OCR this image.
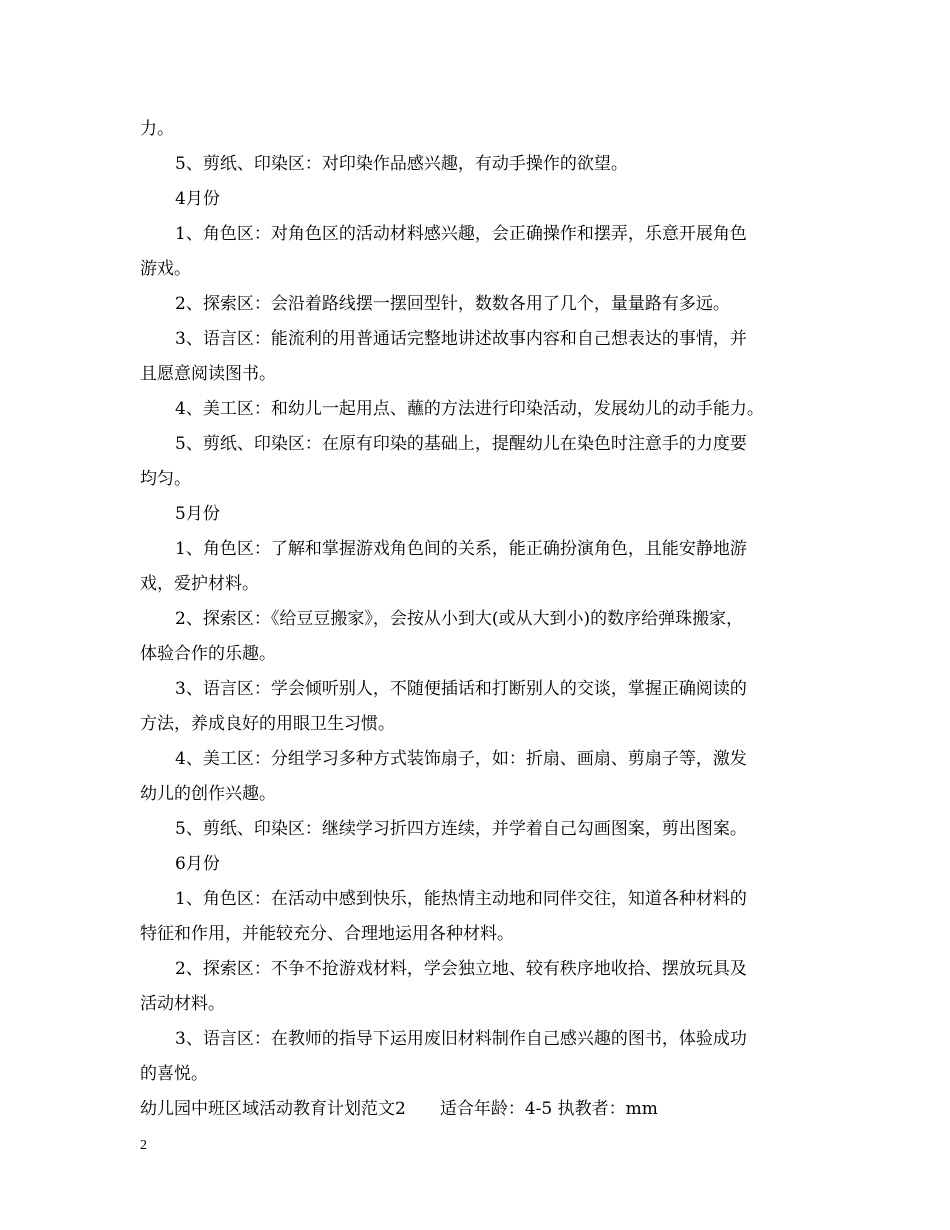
力。
5、剪纸、印染区：对印染作品感兴趣，有动手操作的欲望。
4月份
1、角色区：对角色区的活动材料感兴趣，会正确操作和摆弄，乐意开展角色
游戏。
2、探索区：会沿着路线摆一摆回型针，数数各用了几个，量量路有多远。
3、语言区：能流利的用普通话完整地讲述故事内容和自己想表达的事情，并
且愿意阅读图书。
4、美工区：和幼儿一起用点、蘸的方法进行印染活动，发展幼儿的动手能力。
5、剪纸、印染区：在原有印染的基础上，提醒幼儿在染色时注意手的力度要
均匀。
5月份
1、角色区：了解和掌握游戏角色间的关系，能正确扮演角色，且能安静地游
戏，爱护材料。
2、探索区：《给豆豆搬家》，会按从小到大(或从大到小)的数序给弹珠搬家，
体验合作的乐趣。
3、语言区：学会倾听别人，不随便插话和打断别人的交谈，掌握正确阅读的
方法，养成良好的用眼卫生习惯。
4、美工区：分组学习多种方式装饰扇子，如：折扇、画扇、剪扇子等，激发
幼儿的创作兴趣。
5、剪纸、印染区：继续学习折四方连续，并学着自己勾画图案，剪出图案。
6月份
1、角色区：在活动中感到快乐，能热情主动地和同伴交往，知道各种材料的
特征和作用，并能较充分、合理地运用各种材料。
2、探索区：不争不抢游戏材料，学会独立地、较有秩序地收拾、摆放玩具及
活动材料。
3、语言区：在教师的指导下运用废旧材料制作自己感兴趣的图书，体验成功
的喜悦。
幼儿园中班区域活动教育计划范文2　　适合年龄：4-5 执教者：mm
2
